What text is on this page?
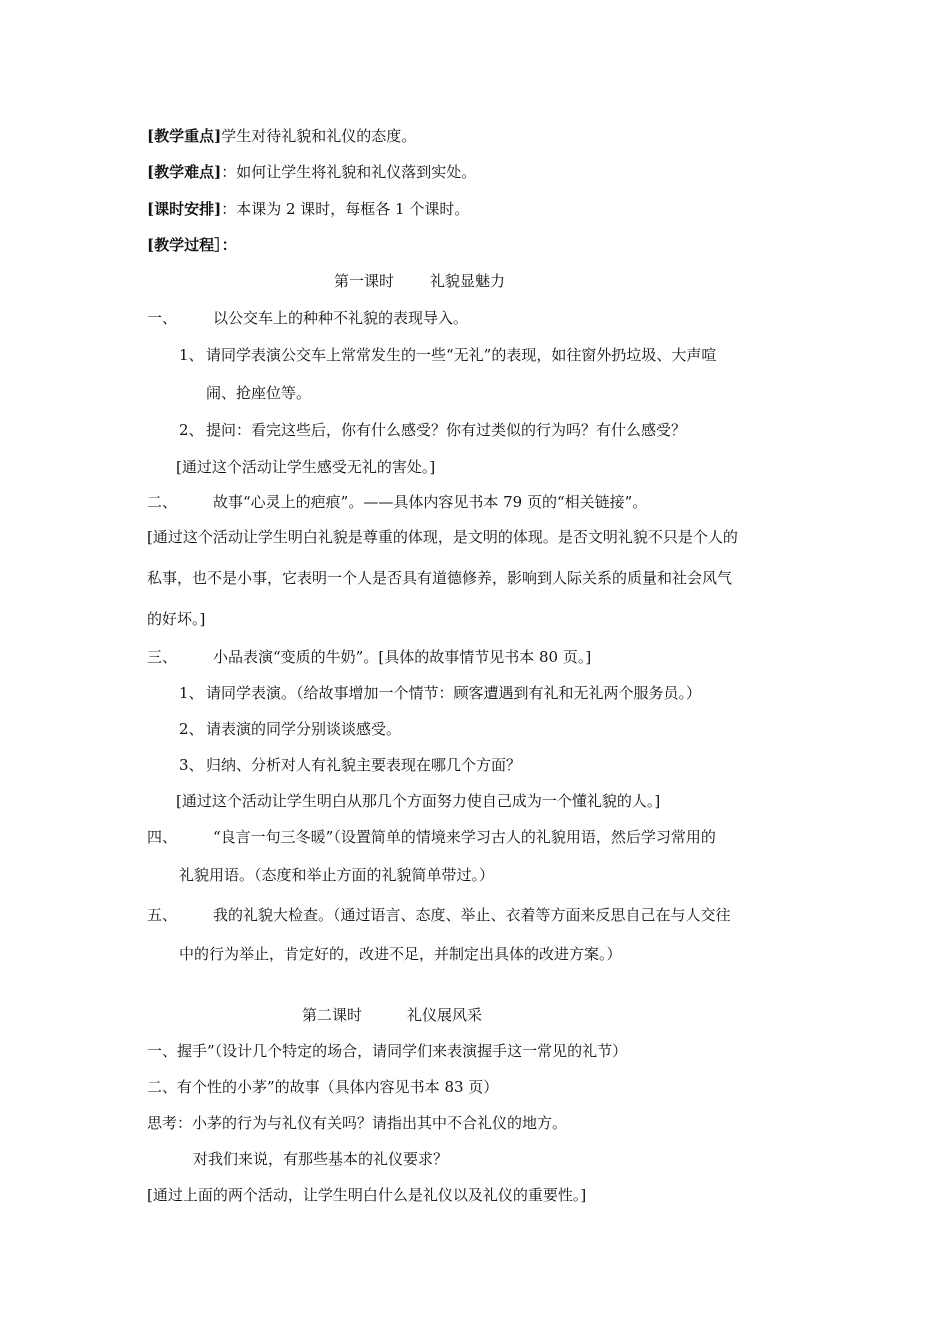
[教学重点]学生对待礼貌和礼仪的态度。
[教学难点]：如何让学生将礼貌和礼仪落到实处。
[课时安排]：本课为 2 课时，每框各 1 个课时。
[教学过程］：
第一课时 礼貌显魅力
一、 以公交车上的种种不礼貌的表现导入。
1、 请同学表演公交车上常常发生的一些“无礼”的表现，如往窗外扔垃圾、大声喧
闹、抢座位等。
2、 提问：看完这些后，你有什么感受？你有过类似的行为吗？有什么感受？
[通过这个活动让学生感受无礼的害处。]
二、 故事“心灵上的疤痕”。——具体内容见书本 79 页的“相关链接”。
[通过这个活动让学生明白礼貌是尊重的体现，是文明的体现。是否文明礼貌不只是个人的
私事，也不是小事，它表明一个人是否具有道德修养，影响到人际关系的质量和社会风气
的好坏。]
三、 小品表演“变质的牛奶”。[具体的故事情节见书本 80 页。]
1、 请同学表演。（给故事增加一个情节：顾客遭遇到有礼和无礼两个服务员。）
2、 请表演的同学分别谈谈感受。
3、 归纳、分析对人有礼貌主要表现在哪几个方面？
[通过这个活动让学生明白从那几个方面努力使自己成为一个懂礼貌的人。]
四、 “良言一句三冬暖”（设置简单的情境来学习古人的礼貌用语，然后学习常用的
礼貌用语。（态度和举止方面的礼貌简单带过。）
五、 我的礼貌大检查。（通过语言、态度、举止、衣着等方面来反思自己在与人交往
中的行为举止，肯定好的，改进不足，并制定出具体的改进方案。）
第二课时	礼仪展风采
一、握手”（设计几个特定的场合，请同学们来表演握手这一常见的礼节）
二、有个性的小茅”的故事（具体内容见书本 83 页）
思考：小茅的行为与礼仪有关吗？请指出其中不合礼仪的地方。
对我们来说，有那些基本的礼仪要求？
[通过上面的两个活动，让学生明白什么是礼仪以及礼仪的重要性。]
